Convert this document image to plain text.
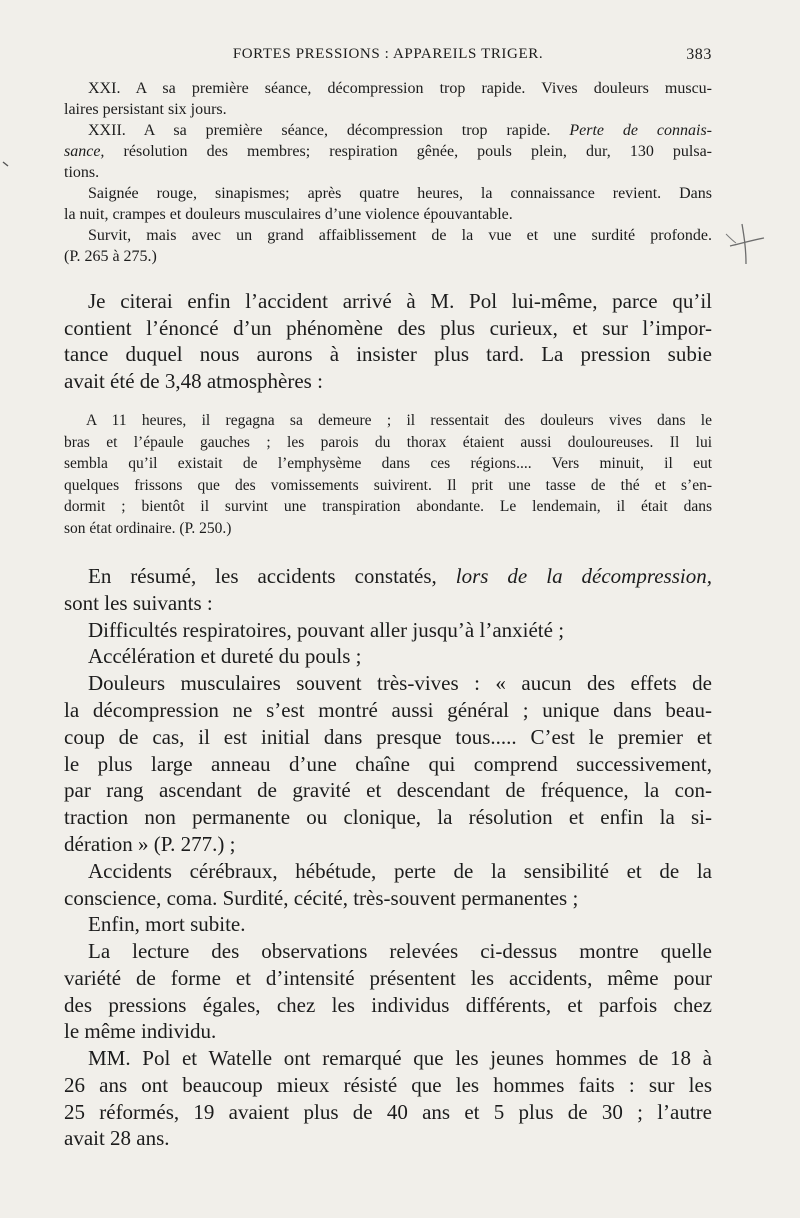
FORTES PRESSIONS : APPAREILS TRIGER.	383
XXI. A sa première séance, décompression trop rapide. Vives douleurs muscu-
laires persistant six jours.
XXII. A sa première séance, décompression trop rapide. Perte de connais-
sance, résolution des membres; respiration gênée, pouls plein, dur, 130 pulsa-
tions.
Saignée rouge, sinapismes; après quatre heures, la connaissance revient. Dans
la nuit, crampes et douleurs musculaires d’une violence épouvantable.
Survit, mais avec un grand affaiblissement de la vue et une surdité profonde.
(P. 265 à 275.)
Je citerai enfin l’accident arrivé à M. Pol lui-même, parce qu’il
contient l’énoncé d’un phénomène des plus curieux, et sur l’impor-
tance duquel nous aurons à insister plus tard. La pression subie
avait été de 3,48 atmosphères :
A 11 heures, il regagna sa demeure ; il ressentait des douleurs vives dans le
bras et l’épaule gauches ; les parois du thorax étaient aussi douloureuses. Il lui
sembla qu’il existait de l’emphysème dans ces régions.... Vers minuit, il eut
quelques frissons que des vomissements suivirent. Il prit une tasse de thé et s’en-
dormit ; bientôt il survint une transpiration abondante. Le lendemain, il était dans
son état ordinaire. (P. 250.)
En résumé, les accidents constatés, lors de la décompression,
sont les suivants :
Difficultés respiratoires, pouvant aller jusqu’à l’anxiété ;
Accélération et dureté du pouls ;
Douleurs musculaires souvent très-vives : « aucun des effets de
la décompression ne s’est montré aussi général ; unique dans beau-
coup de cas, il est initial dans presque tous..... C’est le premier et
le plus large anneau d’une chaîne qui comprend successivement,
par rang ascendant de gravité et descendant de fréquence, la con-
traction non permanente ou clonique, la résolution et enfin la si-
dération » (P. 277.) ;
Accidents cérébraux, hébétude, perte de la sensibilité et de la
conscience, coma. Surdité, cécité, très-souvent permanentes ;
Enfin, mort subite.
La lecture des observations relevées ci-dessus montre quelle
variété de forme et d’intensité présentent les accidents, même pour
des pressions égales, chez les individus différents, et parfois chez
le même individu.
MM. Pol et Watelle ont remarqué que les jeunes hommes de 18 à
26 ans ont beaucoup mieux résisté que les hommes faits : sur les
25 réformés, 19 avaient plus de 40 ans et 5 plus de 30 ; l’autre
avait 28 ans.
